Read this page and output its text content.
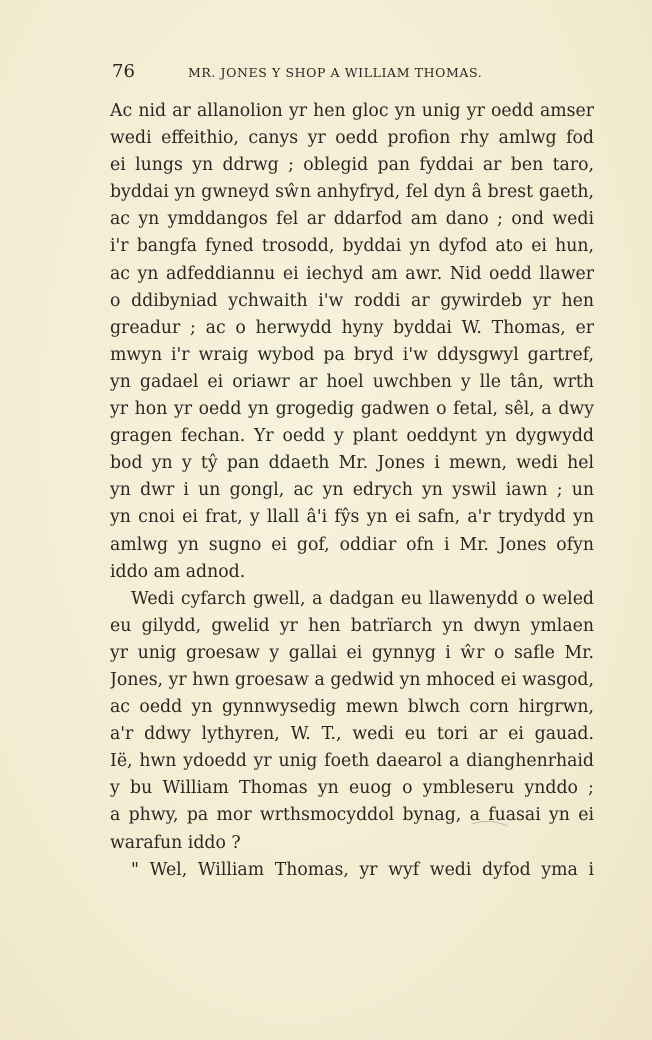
76	MR. JONES Y SHOP A WILLIAM THOMAS.
Ac nid ar allanolion yr hen gloc yn unig yr oedd amser
wedi effeithio, canys yr oedd profion rhy amlwg fod
ei lungs yn ddrwg ; oblegid pan fyddai ar ben taro,
byddai yn gwneyd sŵn anhyfryd, fel dyn â brest gaeth,
ac yn ymddangos fel ar ddarfod am dano ; ond wedi
i'r bangfa fyned trosodd, byddai yn dyfod ato ei hun,
ac yn adfeddiannu ei iechyd am awr. Nid oedd llawer
o ddibyniad ychwaith i'w roddi ar gywirdeb yr hen
greadur ; ac o herwydd hyny byddai W. Thomas, er
mwyn i'r wraig wybod pa bryd i'w ddysgwyl gartref,
yn gadael ei oriawr ar hoel uwchben y lle tân, wrth
yr hon yr oedd yn grogedig gadwen o fetal, sêl, a dwy
gragen fechan. Yr oedd y plant oeddynt yn dygwydd
bod yn y tŷ pan ddaeth Mr. Jones i mewn, wedi hel
yn dwr i un gongl, ac yn edrych yn yswil iawn ; un
yn cnoi ei frat, y llall â'i fŷs yn ei safn, a'r trydydd yn
amlwg yn sugno ei gof, oddiar ofn i Mr. Jones ofyn
iddo am adnod.
Wedi cyfarch gwell, a dadgan eu llawenydd o weled
eu gilydd, gwelid yr hen batrïarch yn dwyn ymlaen
yr unig groesaw y gallai ei gynnyg i ŵr o safle Mr.
Jones, yr hwn groesaw a gedwid yn mhoced ei wasgod,
ac oedd yn gynnwysedig mewn blwch corn hirgrwn,
a'r ddwy lythyren, W. T., wedi eu tori ar ei gauad.
Ië, hwn ydoedd yr unig foeth daearol a dianghenrhaid
y bu William Thomas yn euog o ymbleseru ynddo ;
a phwy, pa mor wrthsmocyddol bynag, a fuasai yn ei
warafun iddo ?
" Wel, William Thomas, yr wyf wedi dyfod yma i
